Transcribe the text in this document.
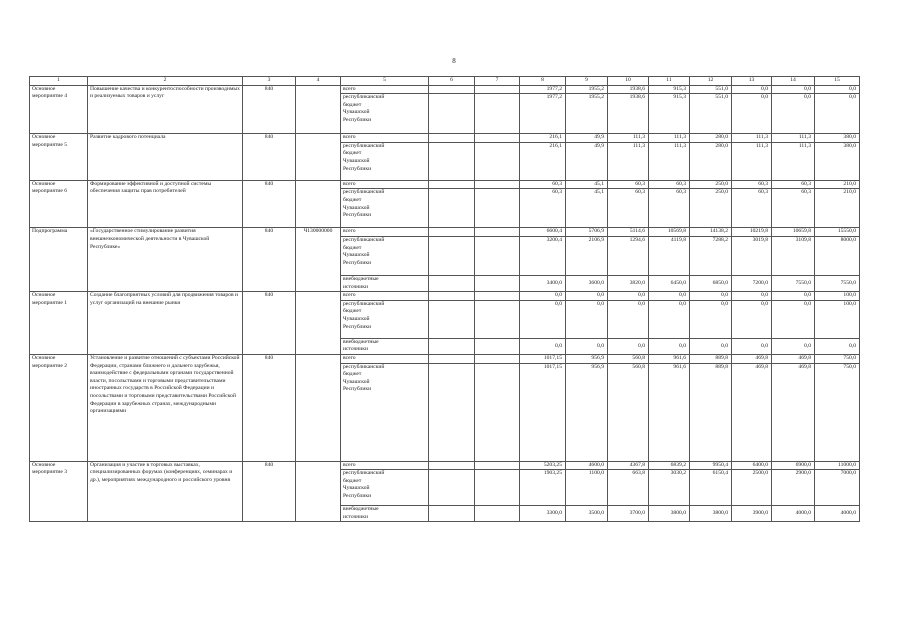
8
1	2	3	4	5	6	7	8	9	10	11	12	13	14	15
Основное мероприятие 4	Повышение качества и конкурентоспособности производимых и реализуемых товаров и услуг	840		всего			1977,2	1955,2	1938,6	915,3	551,0	0,0	0,0	0,0

				республиканский
бюджет
Чувашской
Республики			1977,2	1955,2	1938,6	915,3	551,0	0,0	0,0	0,0
Основное мероприятие 5	Развитие кадрового потенциала	840		всего			216,1	49,9	111,3	111,3	280,0	111,3	111,3	380,0

				республиканский
бюджет
Чувашской
Республики			216,1	49,9	111,3	111,3	280,0	111,3	111,3	380,0
Основное мероприятие 6	Формирование эффективной и доступной системы обеспечения защиты прав потребителей	840		всего			60,3	45,1	60,3	60,3	250,0	60,3	60,3	210,0

				республиканский
бюджет
Чувашской
Республики			60,3	45,1	60,3	60,3	250,0	60,3	60,3	210,0
Подпрограмма	«Государственное стимулирование развития внешнеэкономической деятельности в Чувашской Республике»	840	Ч130000000	всего			6600,4	5706,9	5114,6	10569,8	14138,2	10219,8	10659,8	15550,0

				республиканский
бюджет
Чувашской
Республики			3200,4	2106,9	1294,6	4119,8	7288,2	3019,8	3109,8	8000,0

				внебюджетные
источники			3400,0	3600,0	3820,0	6450,0	6850,0	7200,0	7550,0	7550,0
Основное мероприятие 1	Создание благоприятных условий для продвижения товаров и услуг организаций на внешние рынки	840		всего			0,0	0,0	0,0	0,0	0,0	0,0	0,0	100,0

				республиканский
бюджет
Чувашской
Республики			0,0	0,0	0,0	0,0	0,0	0,0	0,0	100,0

				внебюджетные
источники			0,0	0,0	0,0	0,0	0,0	0,0	0,0	0,0
Основное мероприятие 2	Установление и развитие отношений с субъектами Российской Федерации, странами ближнего и дальнего зарубежья, взаимодействие с федеральными органами государственной власти, посольствами и торговыми представительствами иностранных государств в Российской Федерации и посольствами и торговыми представительствами Российской Федерации в зарубежных странах, международными организациями	840		всего			1017,15	956,9	560,8	961,6	889,8	469,8	469,8	750,0

				республиканский
бюджет
Чувашской
Республики			1017,15	956,9	560,8	961,6	889,8	469,8	469,8	750,0
Основное мероприятие 3	Организация и участие в торговых выставках, специализированных форумах (конференциях, семинарах и др.), мероприятиях международного и российского уровня	840		всего			5203,25	4600,0	4367,8	6839,2	9950,4	6400,0	6900,0	11000,0

				республиканский
бюджет
Чувашской
Республики			1903,25	1100,0	663,8	3030,2	6150,4	2500,0	2900,0	7000,0

				внебюджетные
источники			3300,0	3500,0	3700,0	3800,0	3800,0	3900,0	4000,0	4000,0
